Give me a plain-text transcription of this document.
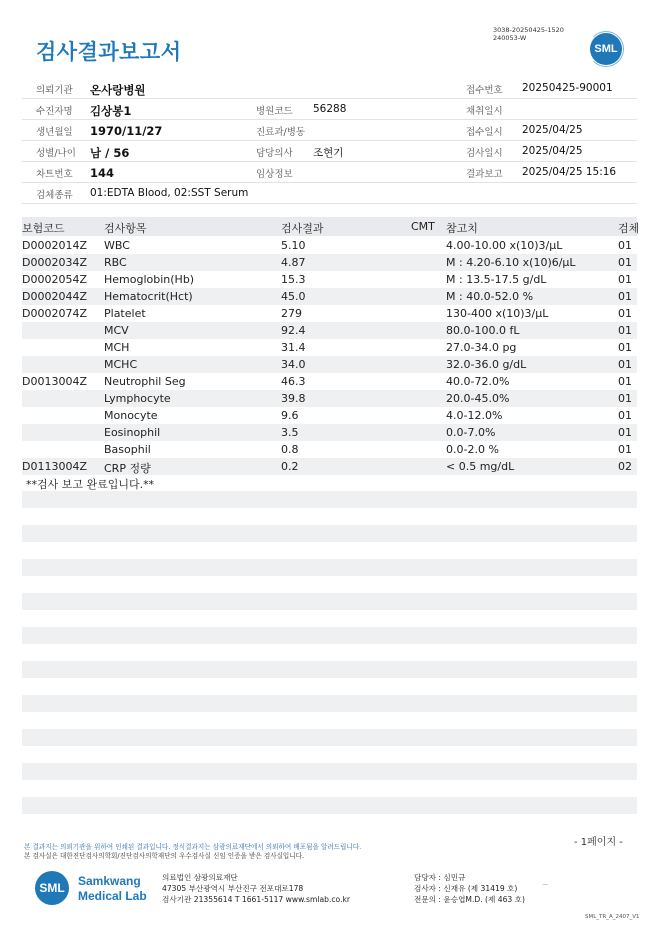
검사결과보고서
3038-20250425-1520
240053-W
SML
의뢰기관 온사랑병원	접수번호 20250425-90001
수진자명 김상봉1	병원코드 56288	채취일시
생년월일 1970/11/27	진료과/병동	접수일시 2025/04/25
성별/나이 남 / 56	담당의사 조현기	검사일시 2025/04/25
차트번호 144	임상정보	결과보고 2025/04/25 15:16
검체종류 01:EDTA Blood, 02:SST Serum
보험코드	검사항목	검사결과	CMT 참고치	검체
D0002014Z WBC	5.10	4.00-10.00 x(10)3/μL	01
D0002034Z RBC	4.87	M : 4.20-6.10 x(10)6/μL	01
D0002054Z Hemoglobin(Hb)	15.3	M : 13.5-17.5 g/dL	01
D0002044Z Hematocrit(Hct)	45.0	M : 40.0-52.0 %	01
D0002074Z Platelet	279	130-400 x(10)3/μL	01
MCV	92.4	80.0-100.0 fL	01
MCH	31.4	27.0-34.0 pg	01
MCHC	34.0	32.0-36.0 g/dL	01
D0013004Z Neutrophil Seg	46.3	40.0-72.0%	01
Lymphocyte	39.8	20.0-45.0%	01
Monocyte	9.6	4.0-12.0%	01
Eosinophil	3.5	0.0-7.0%	01
Basophil	0.8	0.0-2.0 %	01
D0113004Z CRP 정량	0.2	< 0.5 mg/dL	02
**검사 보고 완료입니다.**
본 결과지는 의뢰기관을 위하여 인쇄된 결과입니다. 정식결과지는 삼광의료재단에서 의뢰하여 배포됨을 알려드립니다.
본 검사실은 대한진단검사의학회/진단검사의학재단의 우수검사실 신임 인증을 받은 검사실입니다.
- 1페이지 -
SML	Samkwang
Medical Lab
의료법인 삼광의료재단
47305 부산광역시 부산진구 전포대로178
검사기관 21355614 T 1661-5117 www.smlab.co.kr
담당자 : 심민규
검사자 : 신재유 (제 31419 호)
전문의 : 윤승엽M.D. (제 463 호)
~
SML_TR_A_2407_V1
